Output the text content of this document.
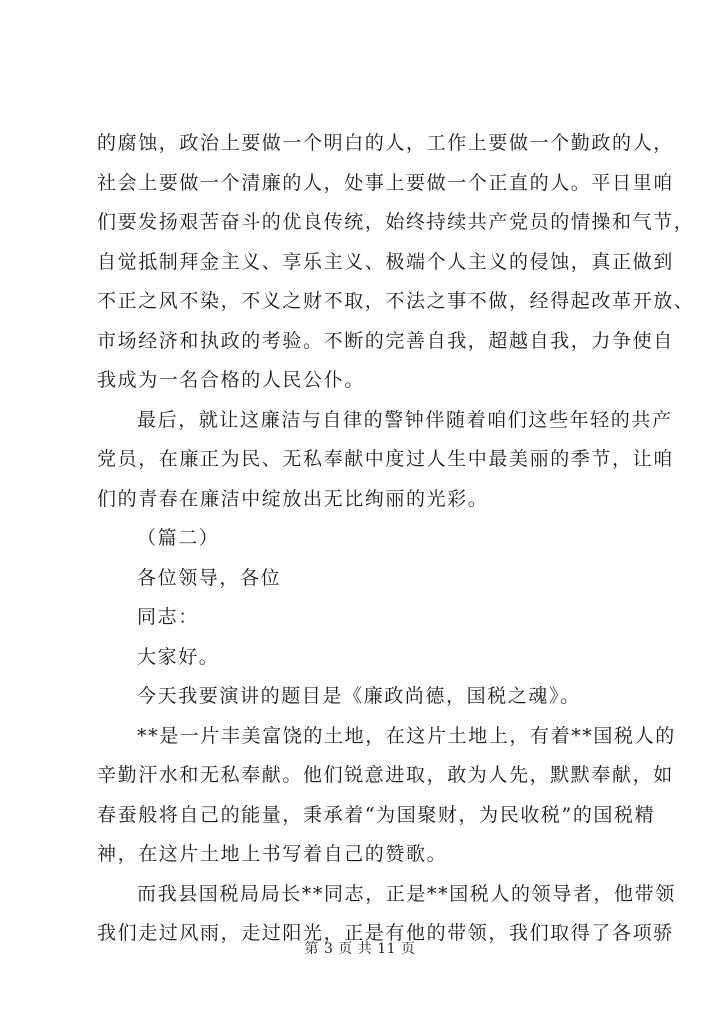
的腐蚀，政治上要做一个明白的人，工作上要做一个勤政的人，
社会上要做一个清廉的人，处事上要做一个正直的人。平日里咱
们要发扬艰苦奋斗的优良传统，始终持续共产党员的情操和气节，
自觉抵制拜金主义、享乐主义、极端个人主义的侵蚀，真正做到
不正之风不染，不义之财不取，不法之事不做，经得起改革开放、
市场经济和执政的考验。不断的完善自我，超越自我，力争使自
我成为一名合格的人民公仆。
最后，就让这廉洁与自律的警钟伴随着咱们这些年轻的共产
党员，在廉正为民、无私奉献中度过人生中最美丽的季节，让咱
们的青春在廉洁中绽放出无比绚丽的光彩。
（篇二）
各位领导，各位
同志：
大家好。
今天我要演讲的题目是《廉政尚德，国税之魂》。
**是一片丰美富饶的土地，在这片土地上，有着**国税人的
辛勤汗水和无私奉献。他们锐意进取，敢为人先，默默奉献，如
春蚕般将自己的能量，秉承着“为国聚财，为民收税”的国税精
神，在这片土地上书写着自己的赞歌。
而我县国税局局长**同志，正是**国税人的领导者，他带领
我们走过风雨，走过阳光，正是有他的带领，我们取得了各项骄
第 3 页 共 11 页
